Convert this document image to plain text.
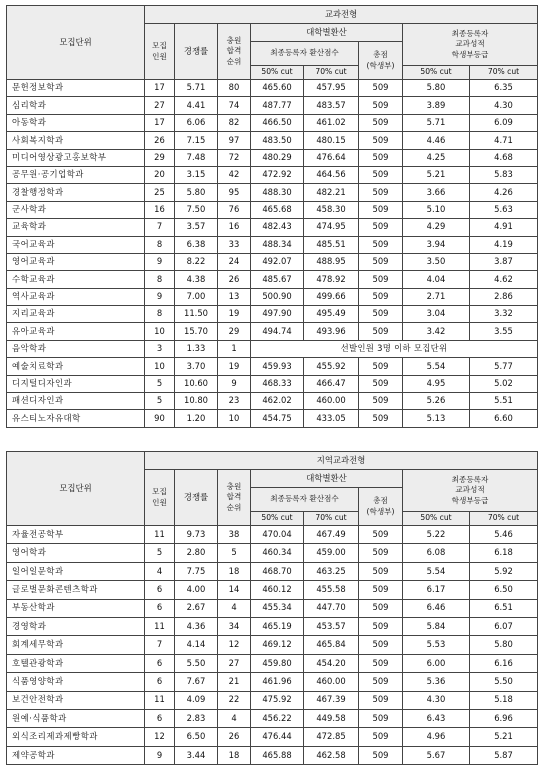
모집단위	교과전형							
	모집
인원	경쟁률	충원
합격
순위	대학별환산			최종등록자
교과성적
학생부등급	
				최종등록자 환산점수		총점
(학생부)		
				50% cut	70% cut		50% cut	70% cut
문헌정보학과	17	5.71	80	465.60	457.95	509	5.80	6.35
심리학과	27	4.41	74	487.77	483.57	509	3.89	4.30
아동학과	17	6.06	82	466.50	461.02	509	5.71	6.09
사회복지학과	26	7.15	97	483.50	480.15	509	4.46	4.71
미디어영상광고홍보학부	29	7.48	72	480.29	476.64	509	4.25	4.68
공무원·공기업학과	20	3.15	42	472.92	464.56	509	5.21	5.83
경찰행정학과	25	5.80	95	488.30	482.21	509	3.66	4.26
군사학과	16	7.50	76	465.68	458.30	509	5.10	5.63
교육학과	7	3.57	16	482.43	474.95	509	4.29	4.91
국어교육과	8	6.38	33	488.34	485.51	509	3.94	4.19
영어교육과	9	8.22	24	492.07	488.95	509	3.50	3.87
수학교육과	8	4.38	26	485.67	478.92	509	4.04	4.62
역사교육과	9	7.00	13	500.90	499.66	509	2.71	2.86
지리교육과	8	11.50	19	497.90	495.49	509	3.04	3.32
유아교육과	10	15.70	29	494.74	493.96	509	3.42	3.55
음악학과	3	1.33	1	선발인원 3명 이하 모집단위				
예술치료학과	10	3.70	19	459.93	455.92	509	5.54	5.77
디지털디자인과	5	10.60	9	468.33	466.47	509	4.95	5.02
패션디자인과	5	10.80	23	462.02	460.00	509	5.26	5.51
유스티노자유대학	90	1.20	10	454.75	433.05	509	5.13	6.60
모집단위	지역교과전형							
	모집
인원	경쟁률	충원
합격
순위	대학별환산			최종등록자
교과성적
학생부등급	
				최종등록자 환산점수		총점
(학생부)		
				50% cut	70% cut		50% cut	70% cut
자율전공학부	11	9.73	38	470.04	467.49	509	5.22	5.46
영어학과	5	2.80	5	460.34	459.00	509	6.08	6.18
일어일문학과	4	7.75	18	468.70	463.25	509	5.54	5.92
글로벌문화콘텐츠학과	6	4.00	14	460.12	455.58	509	6.17	6.50
부동산학과	6	2.67	4	455.34	447.70	509	6.46	6.51
경영학과	11	4.36	34	465.19	453.57	509	5.84	6.07
회계세무학과	7	4.14	12	469.12	465.84	509	5.53	5.80
호텔관광학과	6	5.50	27	459.80	454.20	509	6.00	6.16
식품영양학과	6	7.67	21	461.96	460.00	509	5.36	5.50
보건안전학과	11	4.09	22	475.92	467.39	509	4.30	5.18
원예·식품학과	6	2.83	4	456.22	449.58	509	6.43	6.96
외식조리제과제빵학과	12	6.50	26	476.44	472.85	509	4.96	5.21
제약공학과	9	3.44	18	465.88	462.58	509	5.67	5.87
